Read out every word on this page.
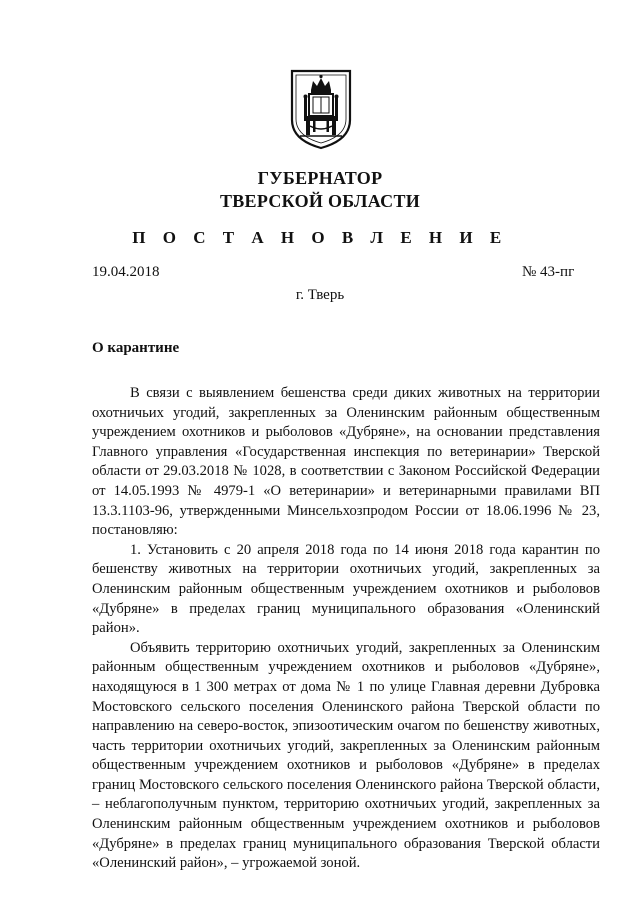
ГУБЕРНАТОР
ТВЕРСКОЙ ОБЛАСТИ
П О С Т А Н О В Л Е Н И Е
19.04.2018	№ 43-пг
г. Тверь
О карантине

В связи с выявлением бешенства среди диких животных на территории охотничьих угодий, закрепленных за Оленинским районным общественным учреждением охотников и рыболовов «Дубряне», на основании представления Главного управления «Государственная инспекция по ветеринарии» Тверской области от 29.03.2018 № 1028, в соответствии с Законом Российской Федерации от 14.05.1993 № 4979-1 «О ветеринарии» и ветеринарными правилами ВП 13.3.1103-96, утвержденными Минсельхозпродом России от 18.06.1996 № 23, постановляю:

1. Установить с 20 апреля 2018 года по 14 июня 2018 года карантин по бешенству животных на территории охотничьих угодий, закрепленных за Оленинским районным общественным учреждением охотников и рыболовов «Дубряне» в пределах границ муниципального образования «Оленинский район».

Объявить территорию охотничьих угодий, закрепленных за Оленинским районным общественным учреждением охотников и рыболовов «Дубряне», находящуюся в 1 300 метрах от дома № 1 по улице Главная деревни Дубровка Мостовского сельского поселения Оленинского района Тверской области по направлению на северо-восток, эпизоотическим очагом по бешенству животных, часть территории охотничьих угодий, закрепленных за Оленинским районным общественным учреждением охотников и рыболовов «Дубряне» в пределах границ Мостовского сельского поселения Оленинского района Тверской области, – неблагополучным пунктом, территорию охотничьих угодий, закрепленных за Оленинским районным общественным учреждением охотников и рыболовов «Дубряне» в пределах границ муниципального образования Тверской области «Оленинский район», – угрожаемой зоной.
